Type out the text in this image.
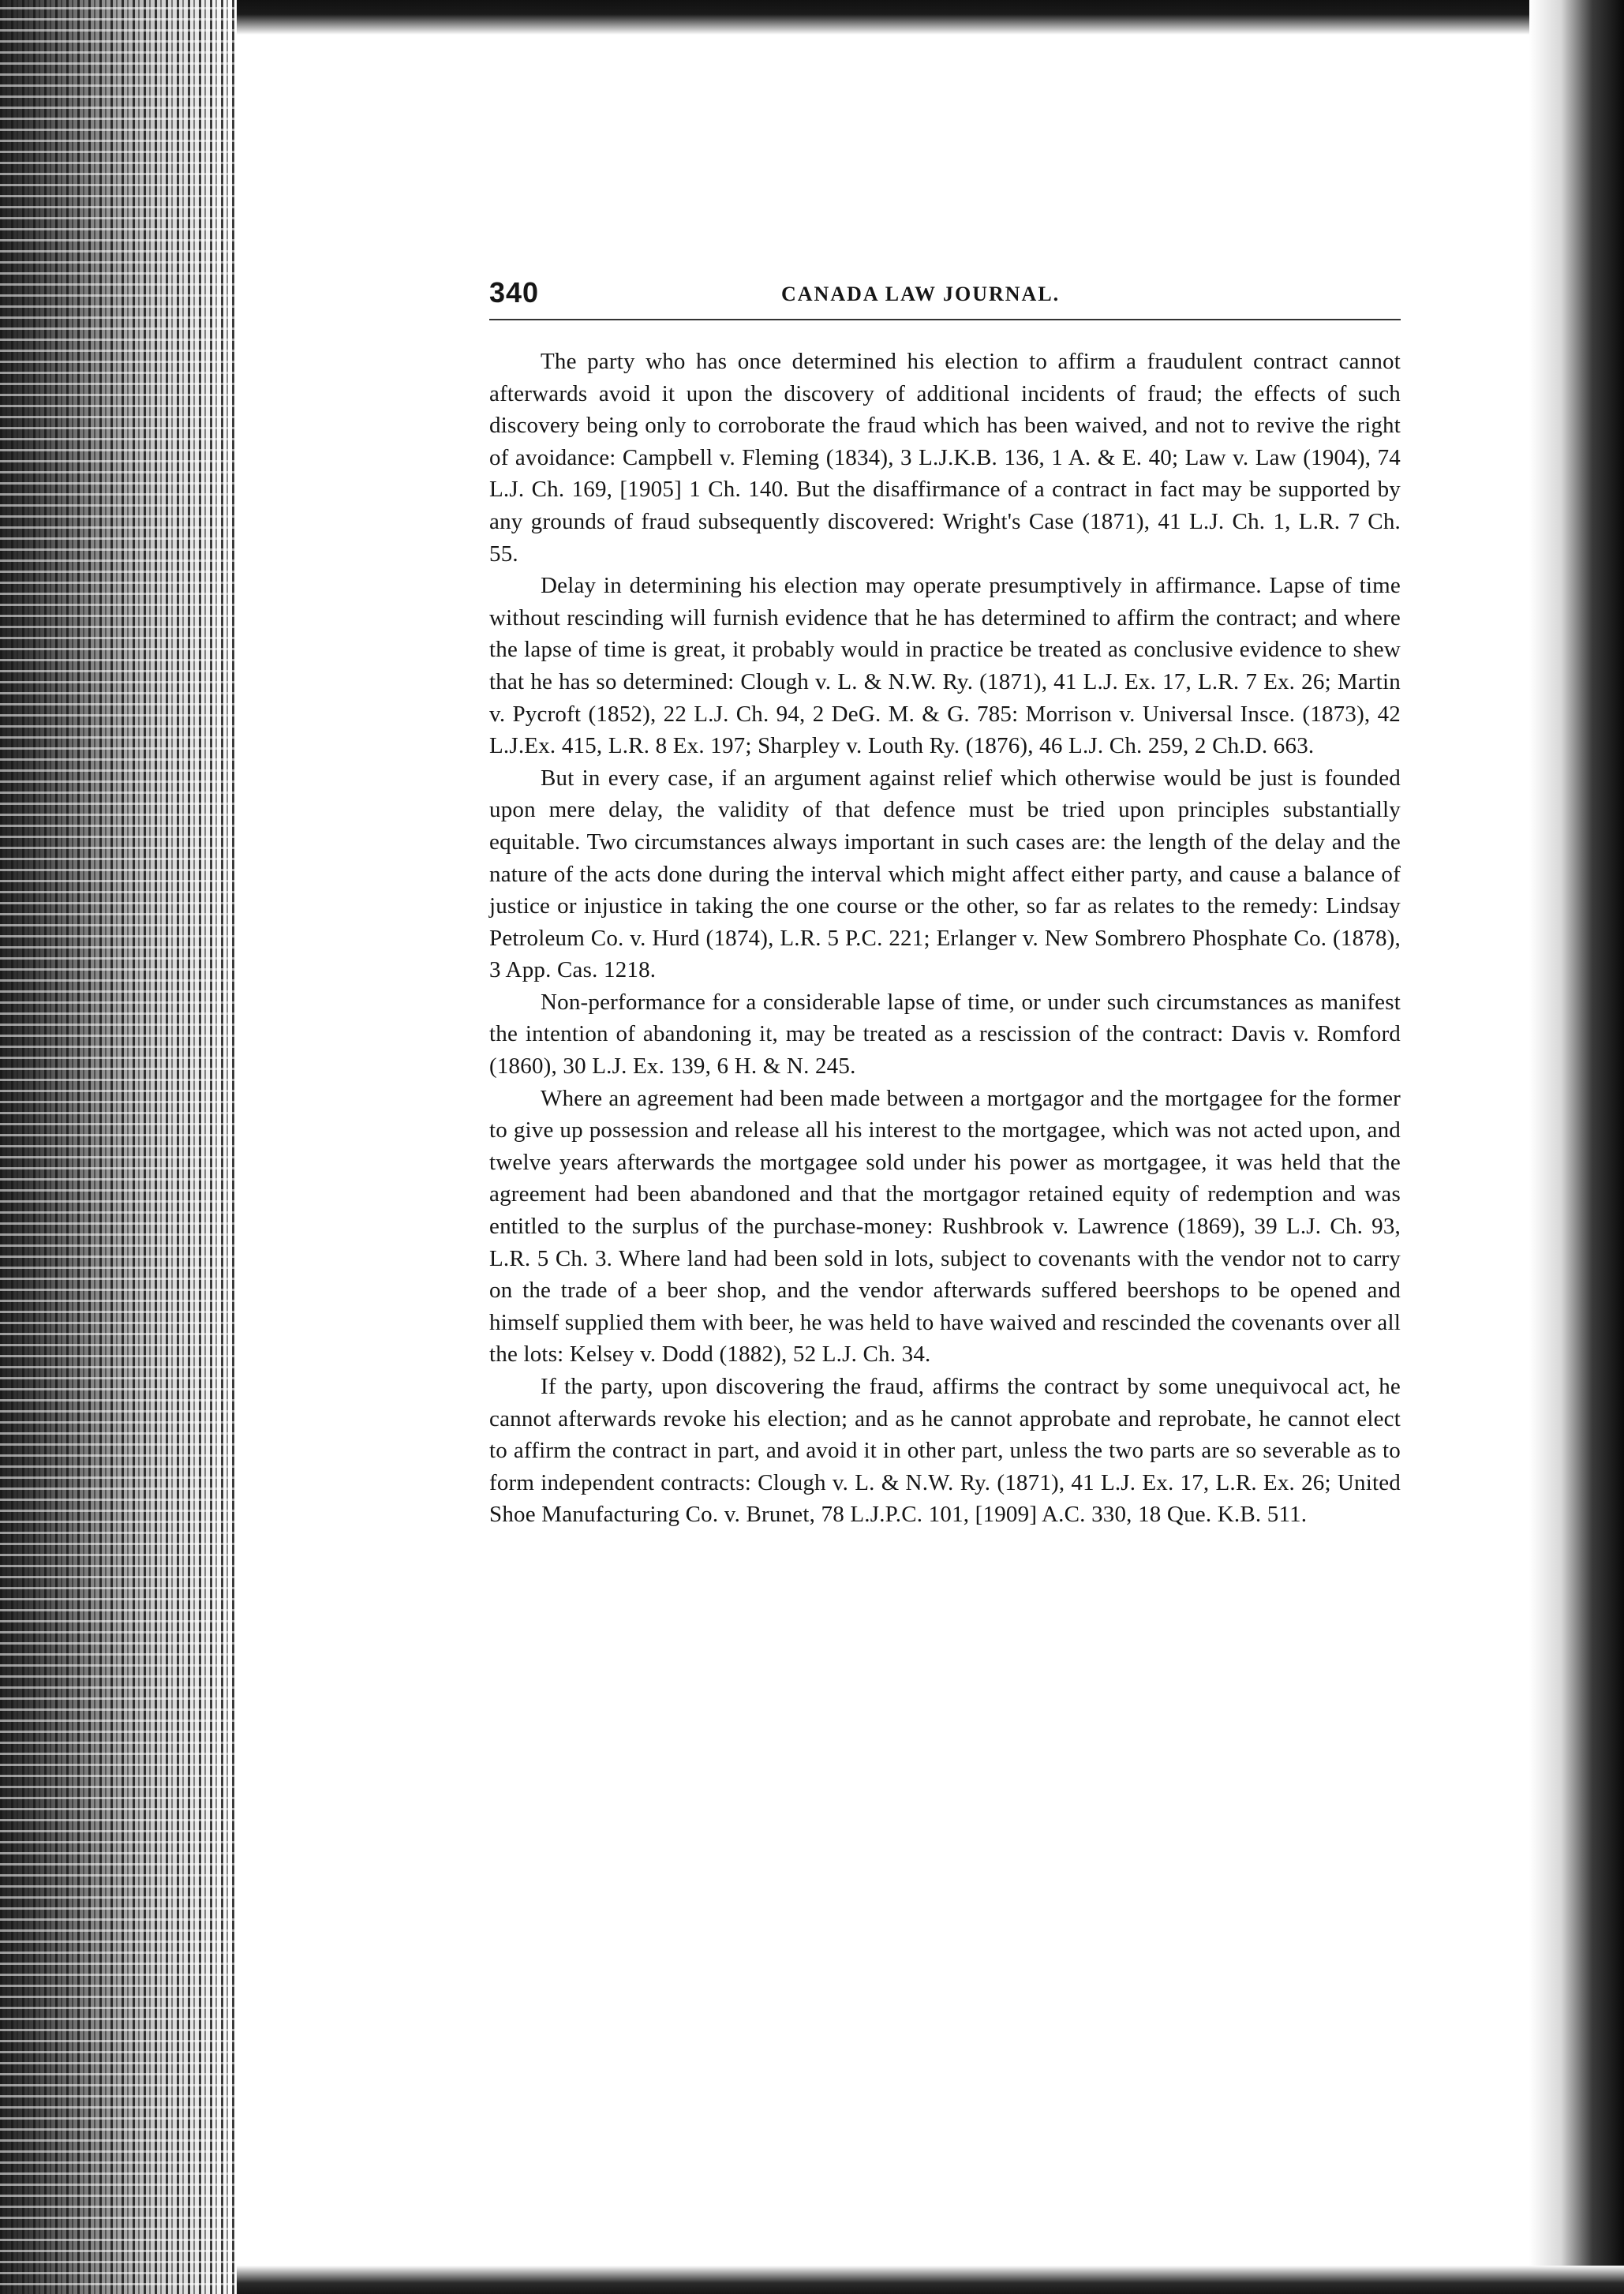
340	CANADA LAW JOURNAL.

The party who has once determined his election to affirm a fraudulent contract cannot afterwards avoid it upon the discovery of additional incidents of fraud; the effects of such discovery being only to corroborate the fraud which has been waived, and not to revive the right of avoidance: Campbell v. Fleming (1834), 3 L.J.K.B. 136, 1 A. & E. 40; Law v. Law (1904), 74 L.J. Ch. 169, [1905] 1 Ch. 140. But the disaffirmance of a contract in fact may be supported by any grounds of fraud subsequently discovered: Wright's Case (1871), 41 L.J. Ch. 1, L.R. 7 Ch. 55.

Delay in determining his election may operate presumptively in affirmance. Lapse of time without rescinding will furnish evidence that he has determined to affirm the contract; and where the lapse of time is great, it probably would in practice be treated as conclusive evidence to shew that he has so determined: Clough v. L. & N.W. Ry. (1871), 41 L.J. Ex. 17, L.R. 7 Ex. 26; Martin v. Pycroft (1852), 22 L.J. Ch. 94, 2 DeG. M. & G. 785: Morrison v. Universal Insce. (1873), 42 L.J.Ex. 415, L.R. 8 Ex. 197; Sharpley v. Louth Ry. (1876), 46 L.J. Ch. 259, 2 Ch.D. 663.

But in every case, if an argument against relief which otherwise would be just is founded upon mere delay, the validity of that defence must be tried upon principles substantially equitable. Two circumstances always important in such cases are: the length of the delay and the nature of the acts done during the interval which might affect either party, and cause a balance of justice or injustice in taking the one course or the other, so far as relates to the remedy: Lindsay Petroleum Co. v. Hurd (1874), L.R. 5 P.C. 221; Erlanger v. New Sombrero Phosphate Co. (1878), 3 App. Cas. 1218.

Non-performance for a considerable lapse of time, or under such circumstances as manifest the intention of abandoning it, may be treated as a rescission of the contract: Davis v. Romford (1860), 30 L.J. Ex. 139, 6 H. & N. 245.

Where an agreement had been made between a mortgagor and the mortgagee for the former to give up possession and release all his interest to the mortgagee, which was not acted upon, and twelve years afterwards the mortgagee sold under his power as mortgagee, it was held that the agreement had been abandoned and that the mortgagor retained equity of redemption and was entitled to the surplus of the purchase-money: Rushbrook v. Lawrence (1869), 39 L.J. Ch. 93, L.R. 5 Ch. 3. Where land had been sold in lots, subject to covenants with the vendor not to carry on the trade of a beer shop, and the vendor afterwards suffered beershops to be opened and himself supplied them with beer, he was held to have waived and rescinded the covenants over all the lots: Kelsey v. Dodd (1882), 52 L.J. Ch. 34.

If the party, upon discovering the fraud, affirms the contract by some unequivocal act, he cannot afterwards revoke his election; and as he cannot approbate and reprobate, he cannot elect to affirm the contract in part, and avoid it in other part, unless the two parts are so severable as to form independent contracts: Clough v. L. & N.W. Ry. (1871), 41 L.J. Ex. 17, L.R. Ex. 26; United Shoe Manufacturing Co. v. Brunet, 78 L.J.P.C. 101, [1909] A.C. 330, 18 Que. K.B. 511.
